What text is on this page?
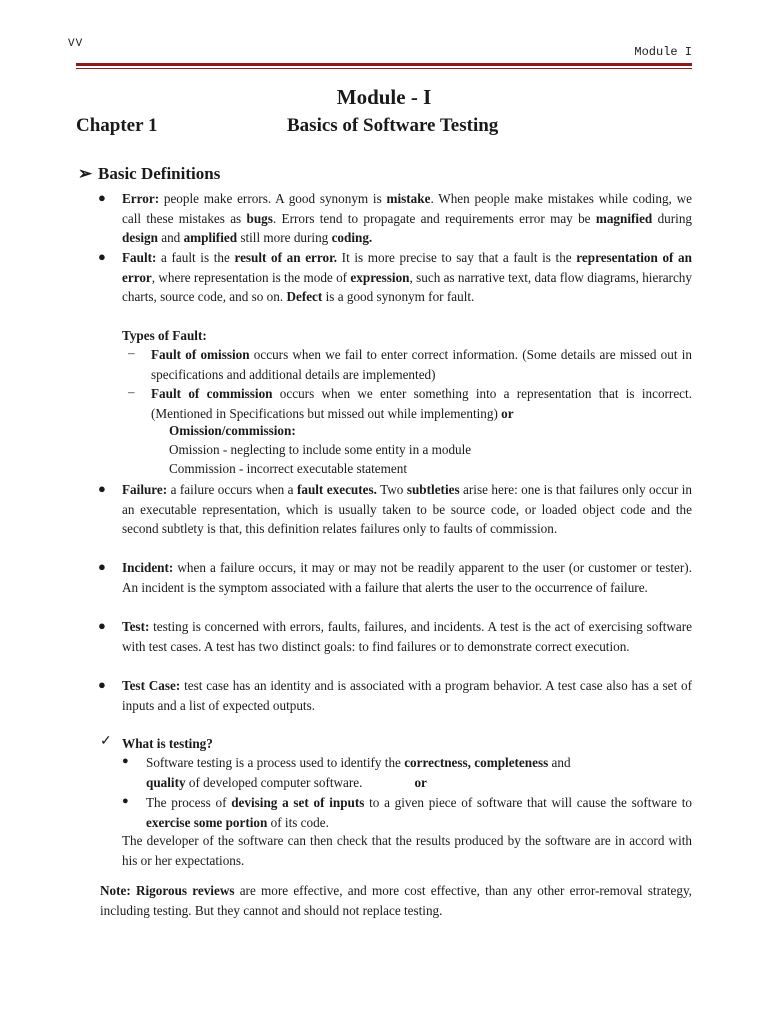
VV
Module I
Module - I
Chapter 1	Basics of Software Testing
➢ Basic Definitions
● Error: people make errors. A good synonym is mistake. When people make mistakes while coding, we call these mistakes as bugs. Errors tend to propagate and requirements error may be magnified during design and amplified still more during coding.
● Fault: a fault is the result of an error. It is more precise to say that a fault is the representation of an error, where representation is the mode of expression, such as narrative text, data flow diagrams, hierarchy charts, source code, and so on. Defect is a good synonym for fault.
Types of Fault:
– Fault of omission occurs when we fail to enter correct information. (Some details are missed out in specifications and additional details are implemented)
– Fault of commission occurs when we enter something into a representation that is incorrect. (Mentioned in Specifications but missed out while implementing) or
Omission/commission:
Omission - neglecting to include some entity in a module
Commission - incorrect executable statement
● Failure: a failure occurs when a fault executes. Two subtleties arise here: one is that failures only occur in an executable representation, which is usually taken to be source code, or loaded object code and the second subtlety is that, this definition relates failures only to faults of commission.
● Incident: when a failure occurs, it may or may not be readily apparent to the user (or customer or tester). An incident is the symptom associated with a failure that alerts the user to the occurrence of failure.
● Test: testing is concerned with errors, faults, failures, and incidents. A test is the act of exercising software with test cases. A test has two distinct goals: to find failures or to demonstrate correct execution.
● Test Case: test case has an identity and is associated with a program behavior. A test case also has a set of inputs and a list of expected outputs.
✓ What is testing?
● Software testing is a process used to identify the correctness, completeness and
quality of developed computer software.	or
● The process of devising a set of inputs to a given piece of software that will cause the software to exercise some portion of its code.
The developer of the software can then check that the results produced by the software are in accord with his or her expectations.
Note: Rigorous reviews are more effective, and more cost effective, than any other error-removal strategy, including testing. But they cannot and should not replace testing.
